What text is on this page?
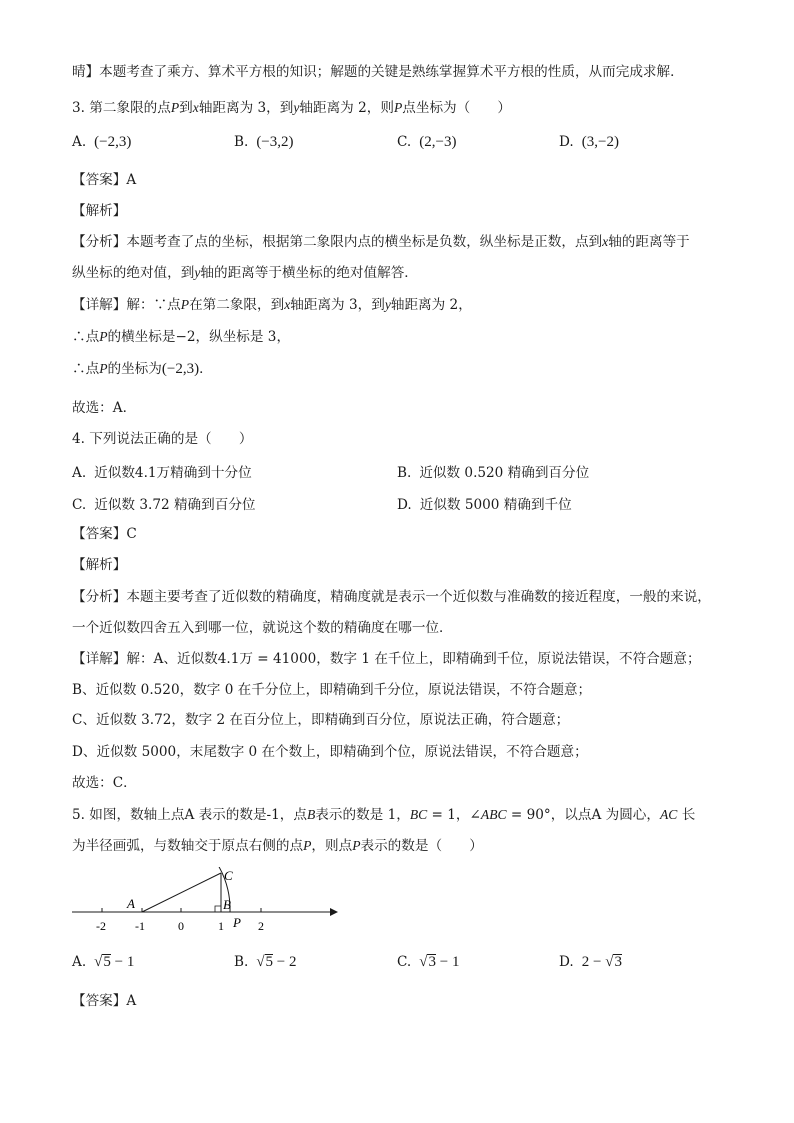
晴】本题考查了乘方、算术平方根的知识；解题的关键是熟练掌握算术平方根的性质，从而完成求解．
3. 第二象限的点P到x轴距离为 3，到y轴距离为 2，则P点坐标为（　　）
A. (−2,3)	B. (−3,2)	C. (2,−3)	D. (3,−2)
【答案】A
【解析】
【分析】本题考查了点的坐标，根据第二象限内点的横坐标是负数，纵坐标是正数，点到x轴的距离等于
纵坐标的绝对值，到y轴的距离等于横坐标的绝对值解答．
【详解】解：∵点P在第二象限，到x轴距离为 3，到y轴距离为 2，
∴点P的横坐标是−2，纵坐标是 3，
∴点P的坐标为(−2,3)．
故选：A．
4. 下列说法正确的是（　　）
A. 近似数4.1万精确到十分位	B. 近似数 0.520 精确到百分位
C. 近似数 3.72 精确到百分位	D. 近似数 5000 精确到千位
【答案】C
【解析】
【分析】本题主要考查了近似数的精确度，精确度就是表示一个近似数与准确数的接近程度，一般的来说，
一个近似数四舍五入到哪一位，就说这个数的精确度在哪一位．
【详解】解：A、近似数4.1万 = 41000，数字 1 在千位上，即精确到千位，原说法错误，不符合题意；
B、近似数 0.520，数字 0 在千分位上，即精确到千分位，原说法错误，不符合题意；
C、近似数 3.72，数字 2 在百分位上，即精确到百分位，原说法正确，符合题意；
D、近似数 5000，末尾数字 0 在个数上，即精确到个位，原说法错误，不符合题意；
故选：C．
5. 如图，数轴上点A 表示的数是-1，点B表示的数是 1，BC = 1，∠ABC = 90°，以点A 为圆心，AC 长
为半径画弧，与数轴交于原点右侧的点P，则点P表示的数是（　　）
-2 -1	0	1	2
A	B
C
P
A. √5 − 1	B. √5 − 2	C. √3 − 1	D. 2 − √3
【答案】A
